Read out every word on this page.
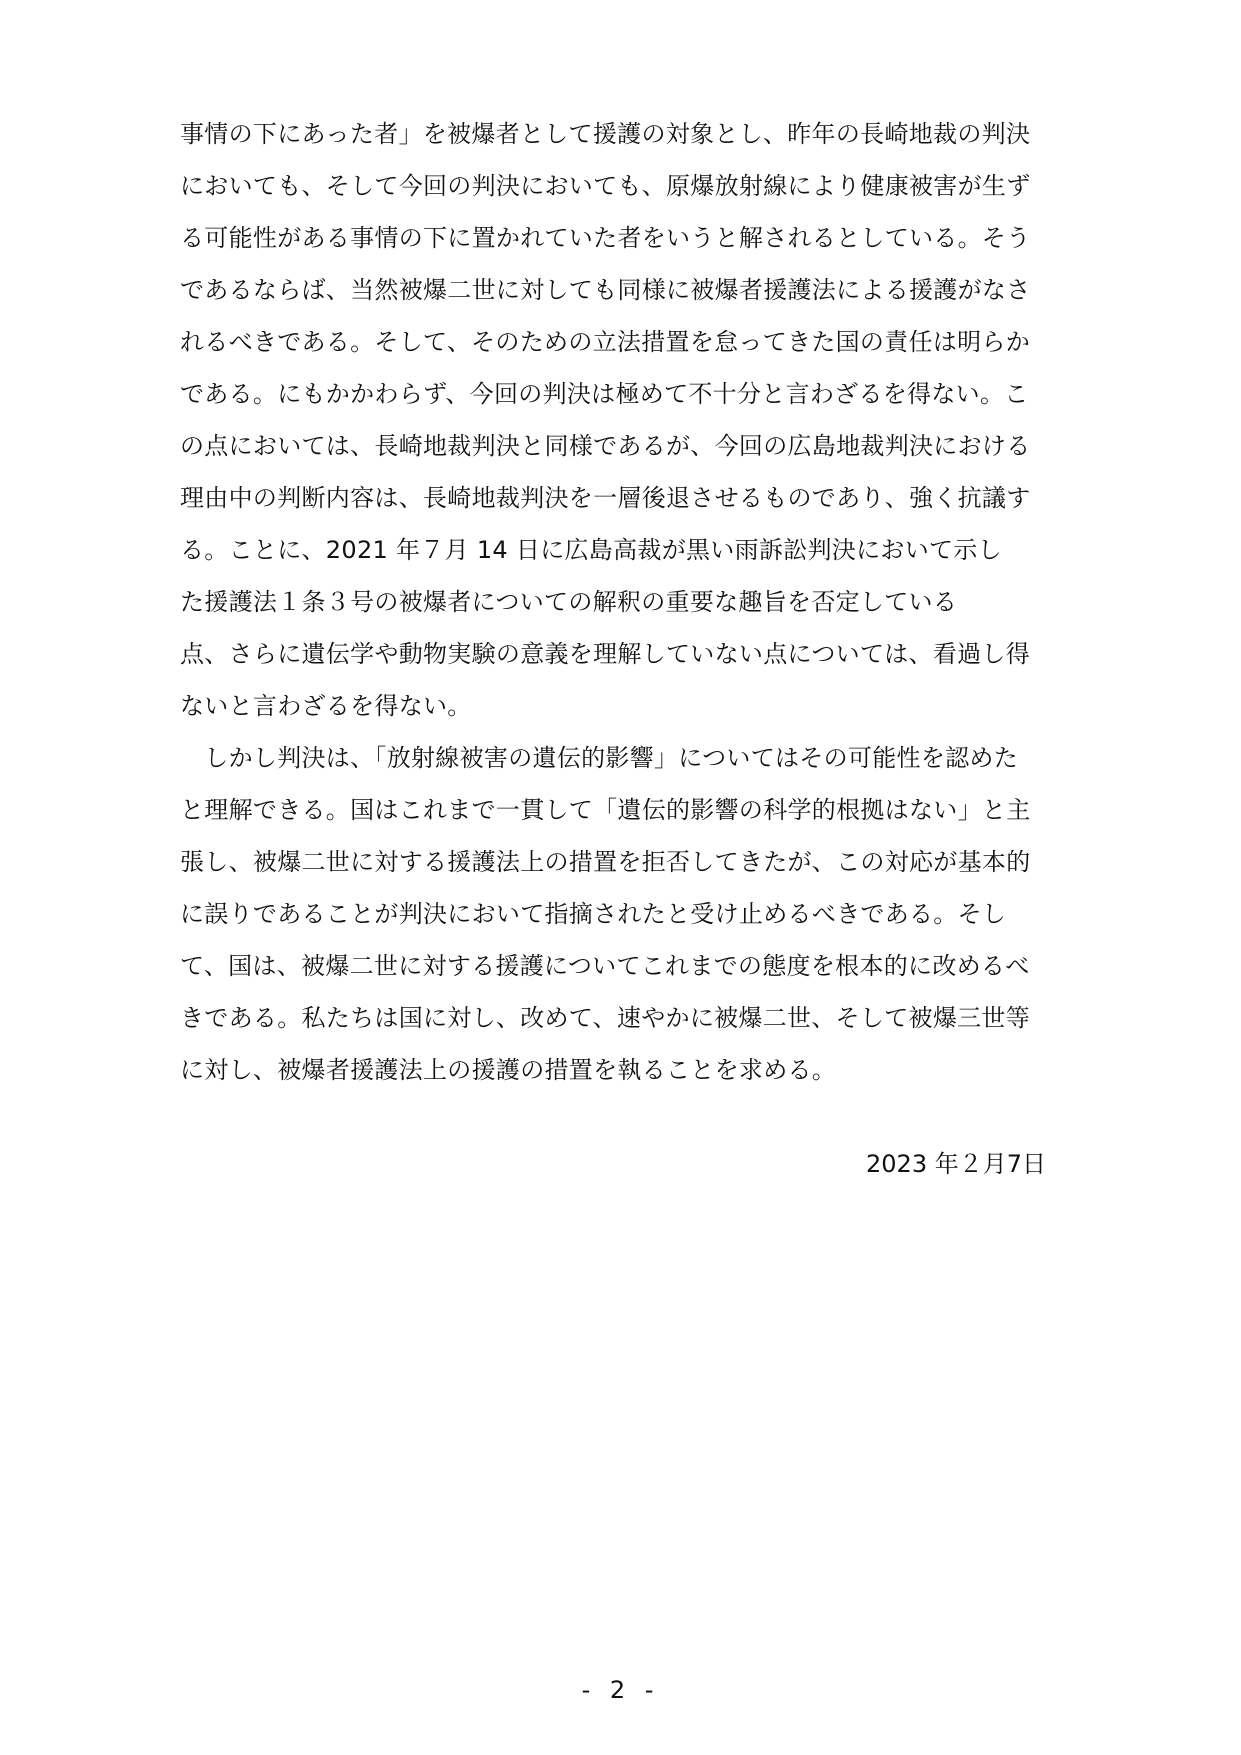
事情の下にあった者」を被爆者として援護の対象とし、昨年の長崎地裁の判決
においても、そして今回の判決においても、原爆放射線により健康被害が生ず
る可能性がある事情の下に置かれていた者をいうと解されるとしている。そう
であるならば、当然被爆二世に対しても同様に被爆者援護法による援護がなさ
れるべきである。そして、そのための立法措置を怠ってきた国の責任は明らか
である。にもかかわらず、今回の判決は極めて不十分と言わざるを得ない。こ
の点においては、長崎地裁判決と同様であるが、今回の広島地裁判決における
理由中の判断内容は、長崎地裁判決を一層後退させるものであり、強く抗議す
る。ことに、2021 年７月 14 日に広島高裁が黒い雨訴訟判決において示し
た援護法１条３号の被爆者についての解釈の重要な趣旨を否定している
点、さらに遺伝学や動物実験の意義を理解していない点については、看過し得
ないと言わざるを得ない。
　しかし判決は、「放射線被害の遺伝的影響」についてはその可能性を認めた
と理解できる。国はこれまで一貫して「遺伝的影響の科学的根拠はない」と主
張し、被爆二世に対する援護法上の措置を拒否してきたが、この対応が基本的
に誤りであることが判決において指摘されたと受け止めるべきである。そし
て、国は、被爆二世に対する援護についてこれまでの態度を根本的に改めるべ
きである。私たちは国に対し、改めて、速やかに被爆二世、そして被爆三世等
に対し、被爆者援護法上の援護の措置を執ることを求める。
2023 年２月7日
- 2 -
